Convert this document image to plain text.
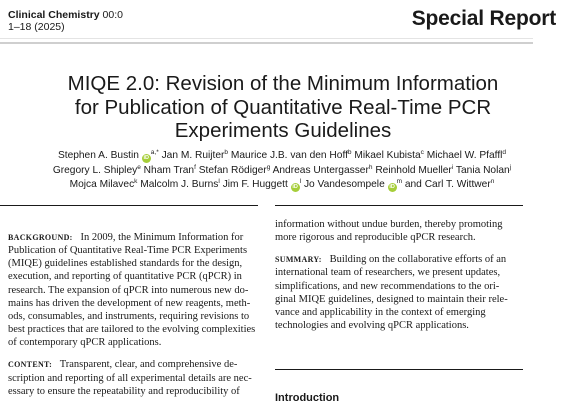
Clinical Chemistry 00:0
1–18 (2025)	Special Report
MIQE 2.0: Revision of the Minimum Information
for Publication of Quantitative Real-Time PCR
Experiments Guidelines
Stephen A. Bustin $iD^{a,*}$ Jan M. Ruijter$^b$ Maurice J.B. van den Hoff$^b$ Mikael Kubista$^c$ Michael W. Pfaffl$^d$
Gregory L. Shipley$^e$ Nham Tran$^f$ Stefan Rödiger$^g$ Andreas Untergasser$^h$ Reinhold Mueller$^i$ Tania Nolan$^j$
Mojca Milavec$^k$ Malcolm J. Burns$^l$ Jim F. Huggett $iD^l$ Jo Vandesompele $iD^m$ and Carl T. Wittwer$^n$
BACKGROUND: In 2009, the Minimum Information for
Publication of Quantitative Real-Time PCR Experiments
(MIQE) guidelines established standards for the design,
execution, and reporting of quantitative PCR (qPCR) in
research. The expansion of qPCR into numerous new do-
mains has driven the development of new reagents, meth-
ods, consumables, and instruments, requiring revisions to
best practices that are tailored to the evolving complexities
of contemporary qPCR applications.
CONTENT: Transparent, clear, and comprehensive de-
scription and reporting of all experimental details are nec-
essary to ensure the repeatability and reproducibility of
information without undue burden, thereby promoting
more rigorous and reproducible qPCR research.
SUMMARY: Building on the collaborative efforts of an
international team of researchers, we present updates,
simplifications, and new recommendations to the ori-
ginal MIQE guidelines, designed to maintain their rele-
vance and applicability in the context of emerging
technologies and evolving qPCR applications.
Introduction
